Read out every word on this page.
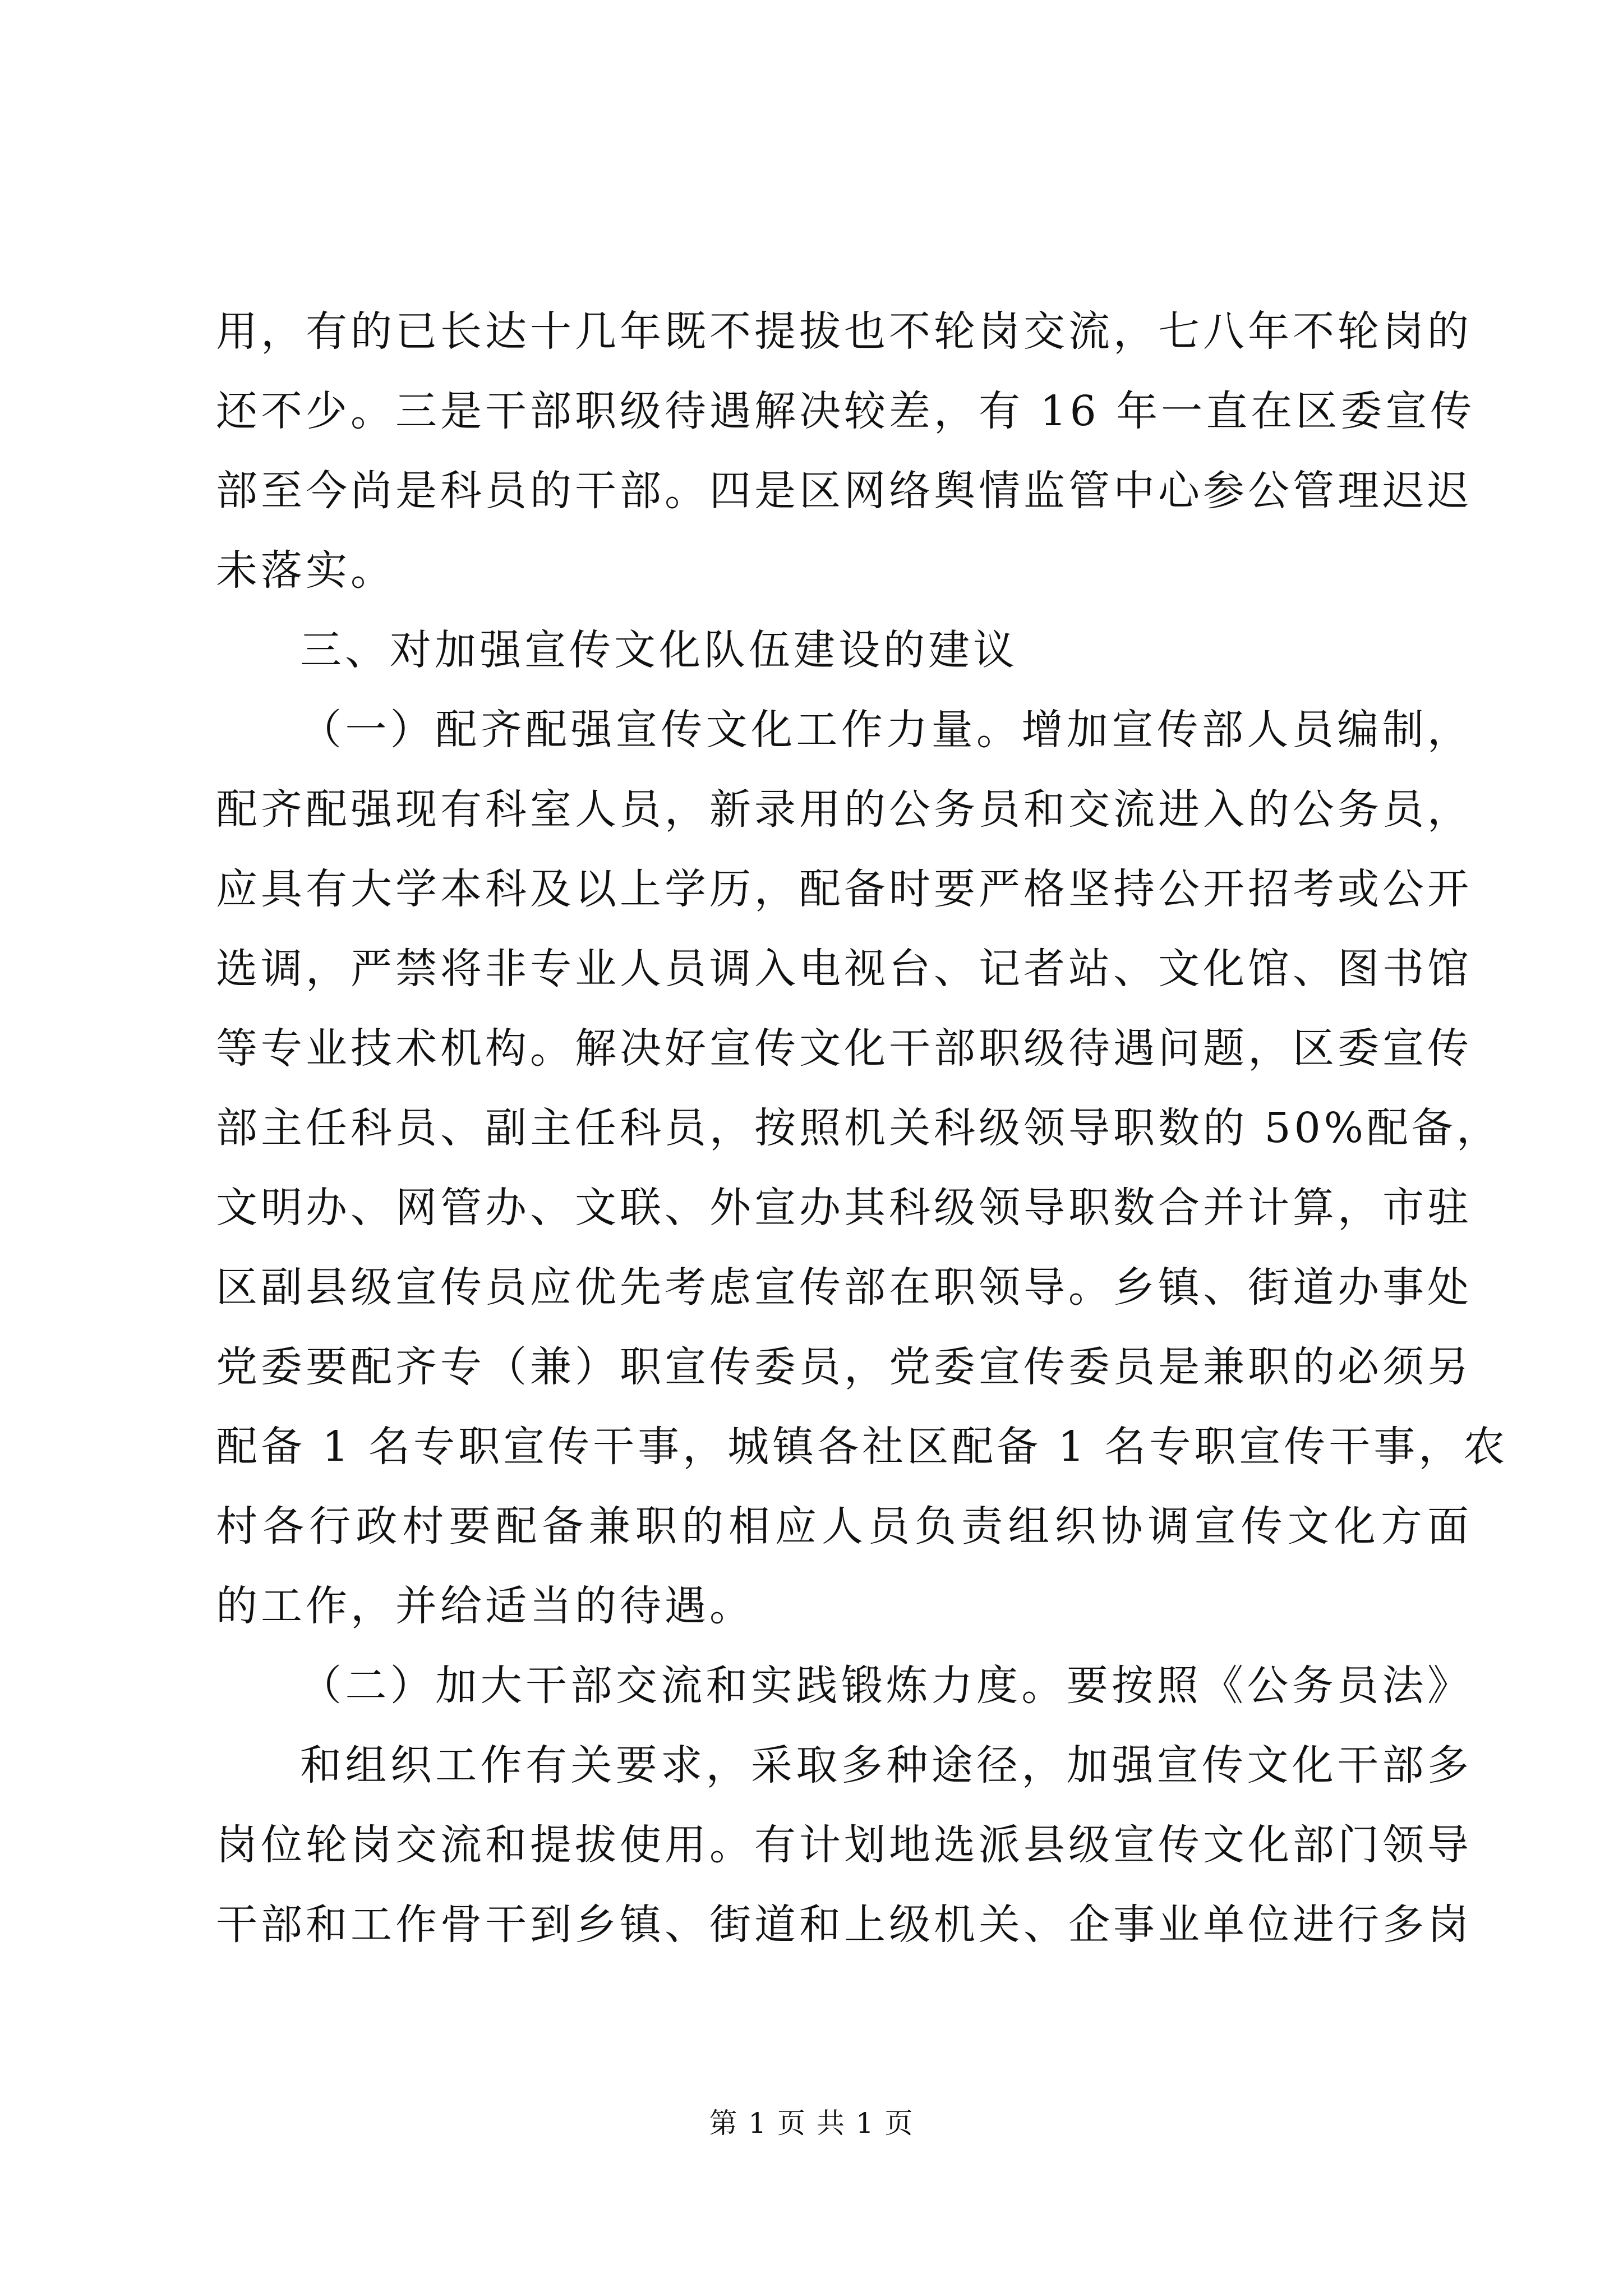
用，有的已长达十几年既不提拔也不轮岗交流，七八年不轮岗的
还不少。三是干部职级待遇解决较差，有 16 年一直在区委宣传
部至今尚是科员的干部。四是区网络舆情监管中心参公管理迟迟
未落实。
三、对加强宣传文化队伍建设的建议
（一）配齐配强宣传文化工作力量。增加宣传部人员编制，
配齐配强现有科室人员，新录用的公务员和交流进入的公务员，
应具有大学本科及以上学历，配备时要严格坚持公开招考或公开
选调，严禁将非专业人员调入电视台、记者站、文化馆、图书馆
等专业技术机构。解决好宣传文化干部职级待遇问题，区委宣传
部主任科员、副主任科员，按照机关科级领导职数的 50%配备，
文明办、网管办、文联、外宣办其科级领导职数合并计算，市驻
区副县级宣传员应优先考虑宣传部在职领导。乡镇、街道办事处
党委要配齐专（兼）职宣传委员，党委宣传委员是兼职的必须另
配备 1 名专职宣传干事，城镇各社区配备 1 名专职宣传干事，农
村各行政村要配备兼职的相应人员负责组织协调宣传文化方面
的工作，并给适当的待遇。
（二）加大干部交流和实践锻炼力度。要按照《公务员法》
和组织工作有关要求，采取多种途径，加强宣传文化干部多
岗位轮岗交流和提拔使用。有计划地选派县级宣传文化部门领导
干部和工作骨干到乡镇、街道和上级机关、企事业单位进行多岗
第 1 页 共 1 页
